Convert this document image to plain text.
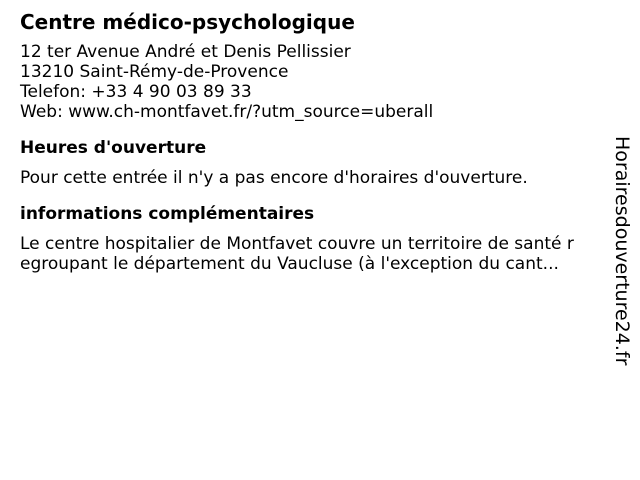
Centre médico-psychologique
12 ter Avenue André et Denis Pellissier
13210 Saint-Rémy-de-Provence
Telefon: +33 4 90 03 89 33
Web: www.ch-montfavet.fr/?utm_source=uberall
Heures d'ouverture
Pour cette entrée il n'y a pas encore d'horaires d'ouverture.
informations complémentaires
Le centre hospitalier de Montfavet couvre un territoire de santé r
egroupant le département du Vaucluse (à l'exception du cant...	Horairesdouverture24.fr
